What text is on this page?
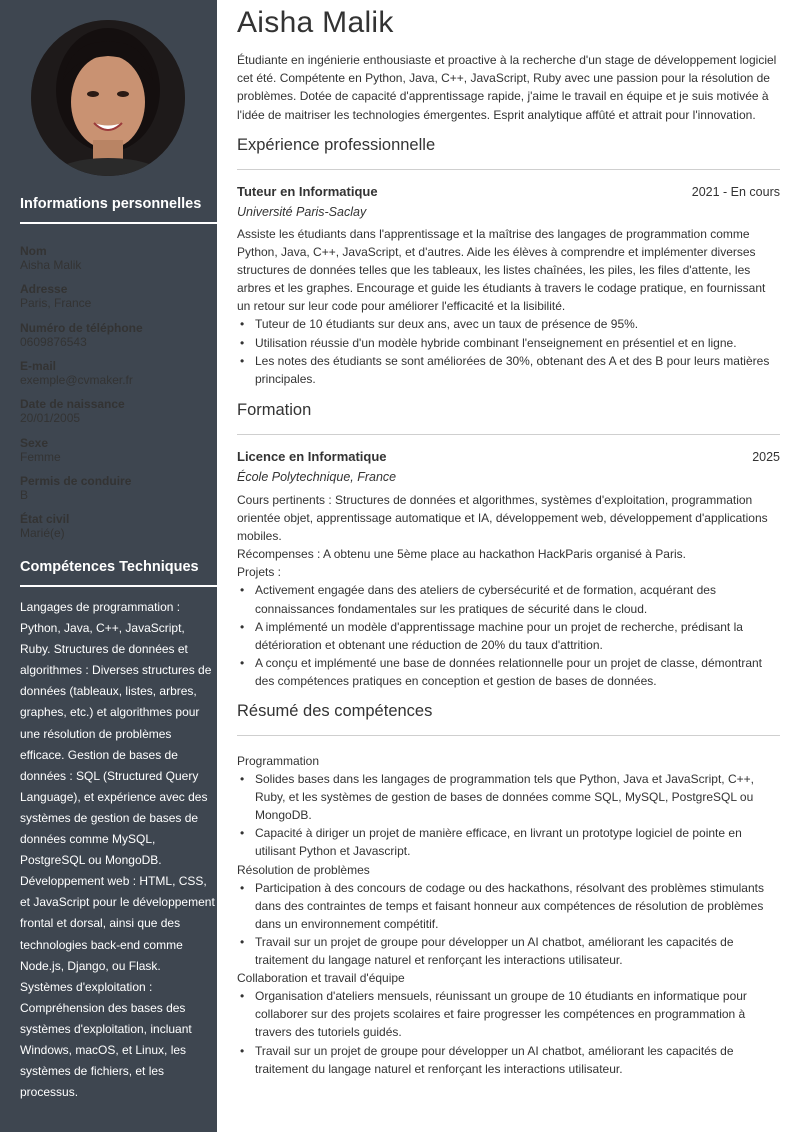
Informations personnelles
Nom
Aisha Malik
Adresse
Paris, France
Numéro de téléphone
0609876543
E-mail
exemple@cvmaker.fr
Date de naissance
20/01/2005
Sexe
Femme
Permis de conduire
B
État civil
Marié(e)
Compétences Techniques
Langages de programmation : Python, Java, C++, JavaScript, Ruby. Structures de données et algorithmes : Diverses structures de données (tableaux, listes, arbres, graphes, etc.) et algorithmes pour une résolution de problèmes efficace. Gestion de bases de données : SQL (Structured Query Language), et expérience avec des systèmes de gestion de bases de données comme MySQL, PostgreSQL ou MongoDB. Développement web : HTML, CSS, et JavaScript pour le développement frontal et dorsal, ainsi que des technologies back-end comme Node.js, Django, ou Flask. Systèmes d'exploitation : Compréhension des bases des systèmes d'exploitation, incluant Windows, macOS, et Linux, les systèmes de fichiers, et les processus.
Aisha Malik
Étudiante en ingénierie enthousiaste et proactive à la recherche d'un stage de développement logiciel cet été. Compétente en Python, Java, C++, JavaScript, Ruby avec une passion pour la résolution de problèmes. Dotée de capacité d'apprentissage rapide, j'aime le travail en équipe et je suis motivée à l'idée de maitriser les technologies émergentes. Esprit analytique affûté et attrait pour l'innovation.
Expérience professionnelle
Tuteur en Informatique	2021 - En cours
Université Paris-Saclay
Assiste les étudiants dans l'apprentissage et la maîtrise des langages de programmation comme Python, Java, C++, JavaScript, et d'autres. Aide les élèves à comprendre et implémenter diverses structures de données telles que les tableaux, les listes chaînées, les piles, les files d'attente, les arbres et les graphes. Encourage et guide les étudiants à travers le codage pratique, en fournissant un retour sur leur code pour améliorer l'efficacité et la lisibilité.
• Tuteur de 10 étudiants sur deux ans, avec un taux de présence de 95%.
• Utilisation réussie d'un modèle hybride combinant l'enseignement en présentiel et en ligne.
• Les notes des étudiants se sont améliorées de 30%, obtenant des A et des B pour leurs matières principales.
Formation
Licence en Informatique	2025
École Polytechnique, France
Cours pertinents : Structures de données et algorithmes, systèmes d'exploitation, programmation orientée objet, apprentissage automatique et IA, développement web, développement d'applications mobiles.
Récompenses : A obtenu une 5ème place au hackathon HackParis organisé à Paris.
Projets :
• Activement engagée dans des ateliers de cybersécurité et de formation, acquérant des connaissances fondamentales sur les pratiques de sécurité dans le cloud.
• A implémenté un modèle d'apprentissage machine pour un projet de recherche, prédisant la détérioration et obtenant une réduction de 20% du taux d'attrition.
• A conçu et implémenté une base de données relationnelle pour un projet de classe, démontrant des compétences pratiques en conception et gestion de bases de données.
Résumé des compétences
Programmation
• Solides bases dans les langages de programmation tels que Python, Java et JavaScript, C++, Ruby, et les systèmes de gestion de bases de données comme SQL, MySQL, PostgreSQL ou MongoDB.
• Capacité à diriger un projet de manière efficace, en livrant un prototype logiciel de pointe en utilisant Python et Javascript.
Résolution de problèmes
• Participation à des concours de codage ou des hackathons, résolvant des problèmes stimulants dans des contraintes de temps et faisant honneur aux compétences de résolution de problèmes dans un environnement compétitif.
• Travail sur un projet de groupe pour développer un AI chatbot, améliorant les capacités de traitement du langage naturel et renforçant les interactions utilisateur.
Collaboration et travail d'équipe
• Organisation d'ateliers mensuels, réunissant un groupe de 10 étudiants en informatique pour collaborer sur des projets scolaires et faire progresser les compétences en programmation à travers des tutoriels guidés.
• Travail sur un projet de groupe pour développer un AI chatbot, améliorant les capacités de traitement du langage naturel et renforçant les interactions utilisateur.
